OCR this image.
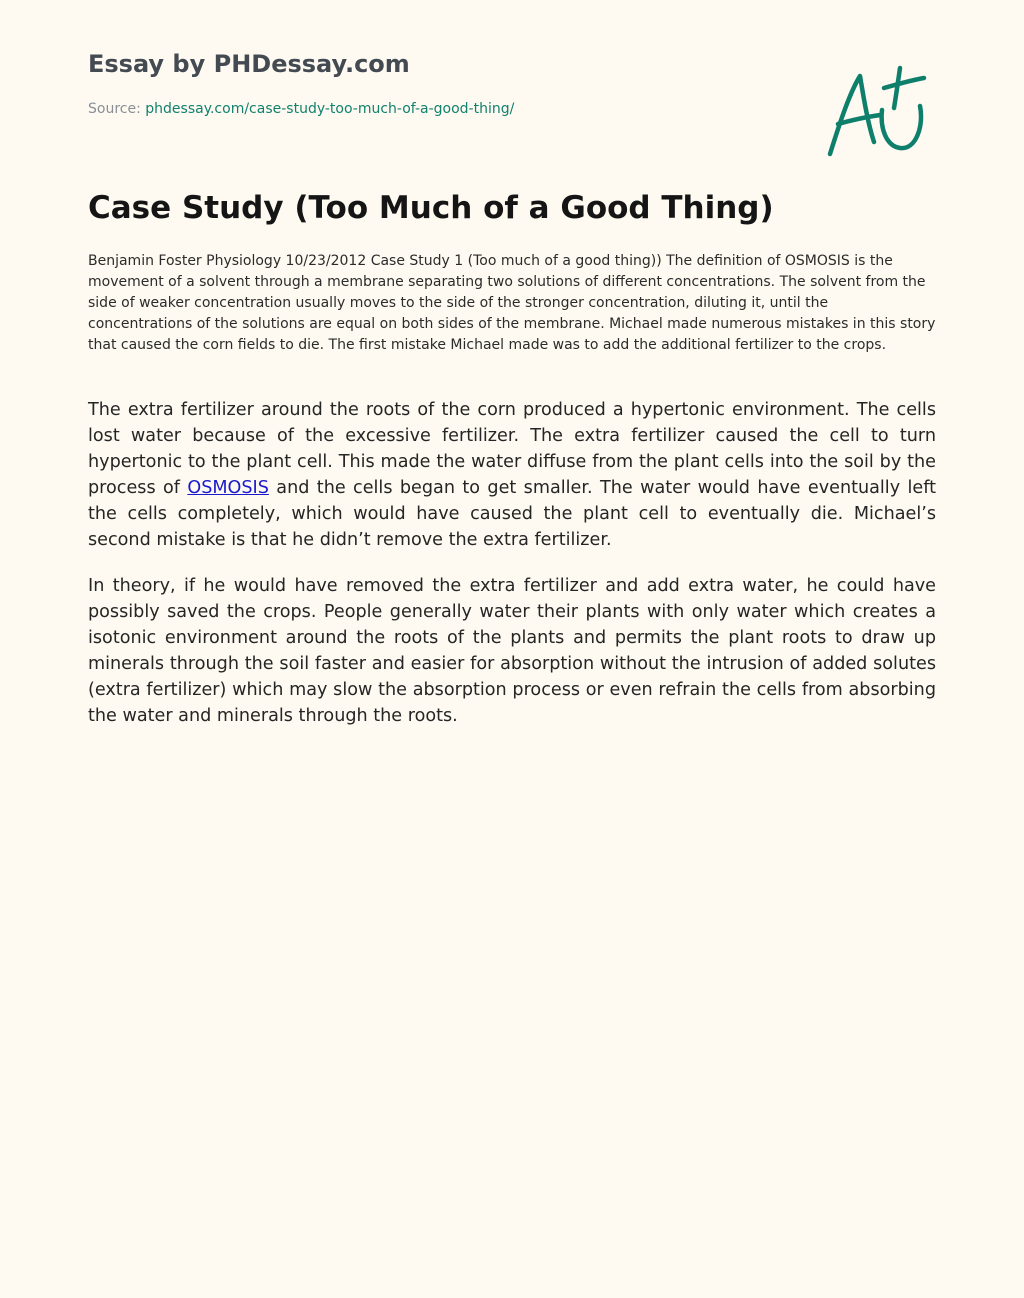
Essay by PHDessay.com
Source: phdessay.com/case-study-too-much-of-a-good-thing/
Case Study (Too Much of a Good Thing)

Benjamin Foster Physiology 10/23/2012 Case Study 1 (Too much of a good thing)) The definition of OSMOSIS is the movement of a solvent through a membrane separating two solutions of different concentrations. The solvent from the side of weaker concentration usually moves to the side of the stronger concentration, diluting it, until the concentrations of the solutions are equal on both sides of the membrane. Michael made numerous mistakes in this story that caused the corn fields to die. The first mistake Michael made was to add the additional fertilizer to the crops.

The extra fertilizer around the roots of the corn produced a hypertonic environment. The cells lost water because of the excessive fertilizer. The extra fertilizer caused the cell to turn hypertonic to the plant cell. This made the water diffuse from the plant cells into the soil by the process of OSMOSIS and the cells began to get smaller. The water would have eventually left the cells completely, which would have caused the plant cell to eventually die. Michael’s second mistake is that he didn’t remove the extra fertilizer.

In theory, if he would have removed the extra fertilizer and add extra water, he could have possibly saved the crops. People generally water their plants with only water which creates a isotonic environment around the roots of the plants and permits the plant roots to draw up minerals through the soil faster and easier for absorption without the intrusion of added solutes (extra fertilizer) which may slow the absorption process or even refrain the cells from absorbing the water and minerals through the roots.
